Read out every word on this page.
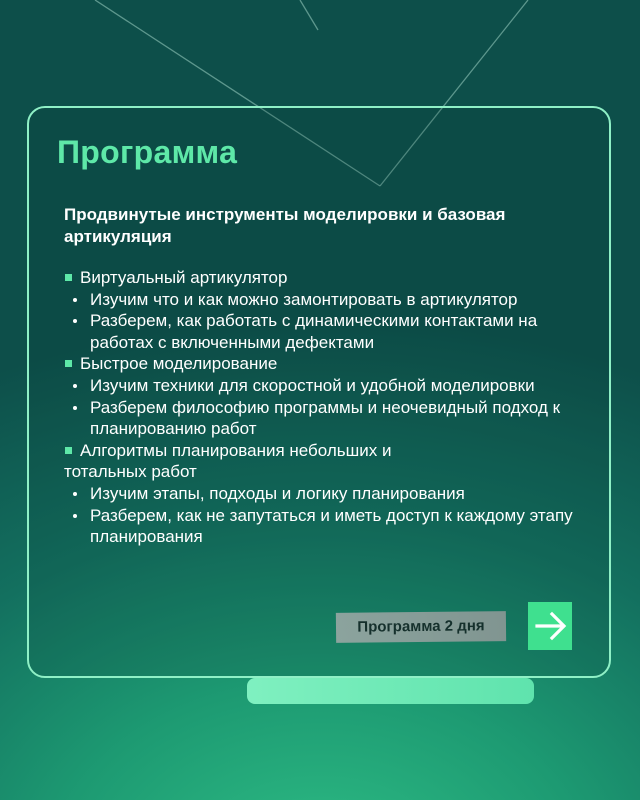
Программа
Продвинутые инструменты моделировки и базовая артикуляция
Виртуальный артикулятор
Изучим что и как можно замонтировать в артикулятор
Разберем, как работать с динамическими контактами на работах с включенными дефектами
Быстрое моделирование
Изучим техники для скоростной и удобной моделировки
Разберем философию программы и неочевидный подход к планированию работ
Алгоритмы планирования небольших и тотальных работ
Изучим этапы, подходы и логику планирования
Разберем, как не запутаться и иметь доступ к каждому этапу планирования
Программа 2 дня
